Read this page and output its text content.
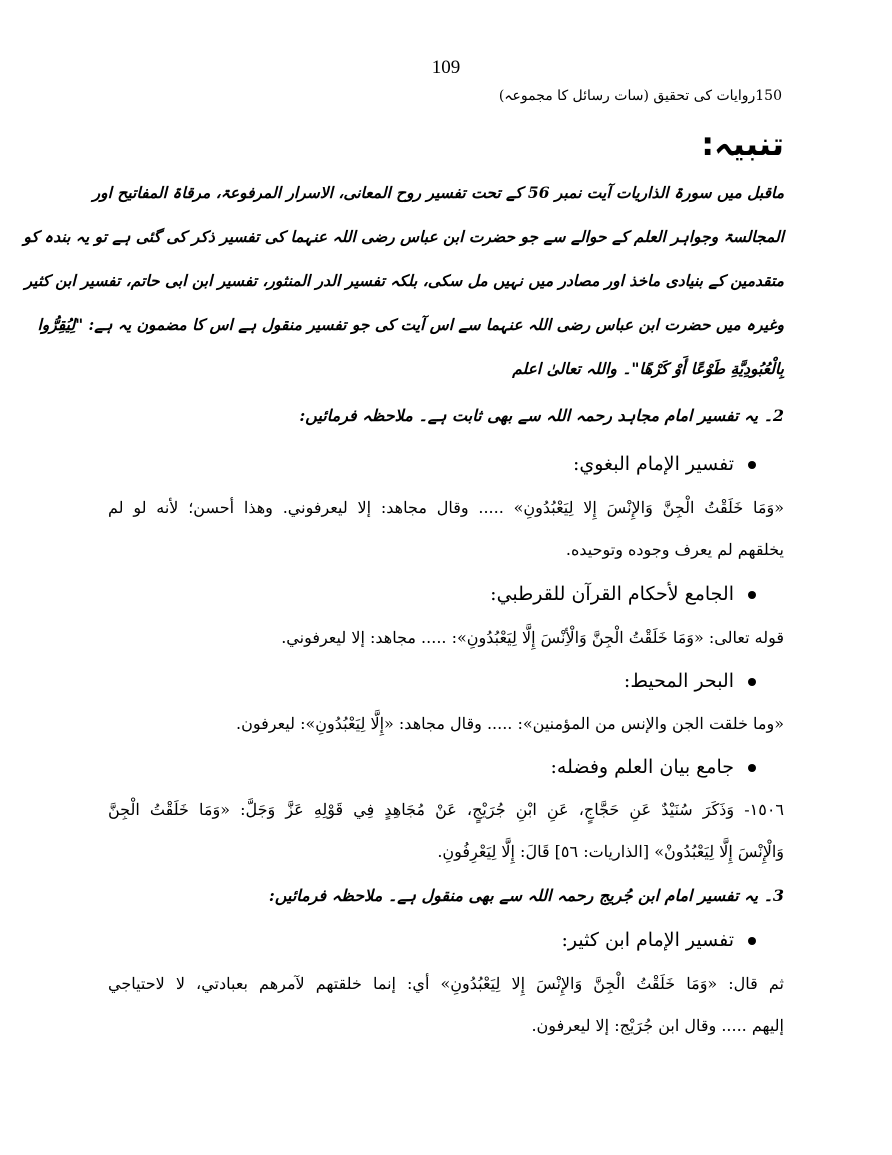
109
150روایات کی تحقیق (سات رسائل کا مجموعہ)
تنبیہ:
ماقبل میں سورۃ الذاریات آیت نمبر 56 کے تحت تفسیر روح المعانی، الاسرار المرفوعۃ، مرقاۃ المفاتیح اور
المجالسۃ وجواہر العلم کے حوالے سے جو حضرت ابن عباس رضی اللہ عنہما کی تفسیر ذکر کی گئی ہے تو یہ بندہ کو
متقدمین کے بنیادی ماخذ اور مصادر میں نہیں مل سکی، بلکہ تفسیر الدر المنثور، تفسیر ابن ابی حاتم، تفسیر ابن کثیر
وغیرہ میں حضرت ابن عباس رضی اللہ عنہما سے اس آیت کی جو تفسیر منقول ہے اس کا مضمون یہ ہے: "لِيُقِرُّوا
بِالْعُبُودِيَّةِ طَوْعًا أَوْ كَرْهًا"۔ واللہ تعالیٰ اعلم
2۔ یہ تفسیر امام مجاہد رحمہ اللہ سے بھی ثابت ہے۔ ملاحظہ فرمائیں:
تفسير الإمام البغوي:
«وَمَا خَلَقْتُ الْجِنَّ وَالإِنْسَ إِلا لِيَعْبُدُونِ» ..... وقال مجاهد: إلا ليعرفوني. وهذا أحسن؛ لأنه لو لم
يخلقهم لم يعرف وجوده وتوحيده.
الجامع لأحكام القرآن للقرطبي:
قوله تعالى: «وَمَا خَلَقْتُ الْجِنَّ وَالْأِنْسَ إِلَّا لِيَعْبُدُونِ»: ..... مجاهد: إلا ليعرفوني.
البحر المحيط:
«وما خلقت الجن والإنس من المؤمنين»: ..... وقال مجاهد: «إِلَّا لِيَعْبُدُونِ»: ليعرفون.
جامع بيان العلم وفضله:
١٥٠٦- وَذَكَرَ سُنَيْدٌ عَنِ حَجَّاجٍ، عَنِ ابْنِ جُرَيْجٍ، عَنْ مُجَاهِدٍ فِي قَوْلِهِ عَزَّ وَجَلَّ: «وَمَا خَلَقْتُ الْجِنَّ
وَالْإِنْسَ إِلَّا لِيَعْبُدُونْ» [الذاريات: ٥٦] قَالَ: إِلَّا لِيَعْرِفُونِ.
3۔ یہ تفسیر امام ابن جُریج رحمہ اللہ سے بھی منقول ہے۔ ملاحظہ فرمائیں:
تفسير الإمام ابن كثير:
ثم قال: «وَمَا خَلَقْتُ الْجِنَّ وَالإِنْسَ إِلا لِيَعْبُدُونِ» أي: إنما خلقتهم لآمرهم بعبادتي، لا لاحتياجي
إليهم ..... وقال ابن جُرَيْج: إلا ليعرفون.
